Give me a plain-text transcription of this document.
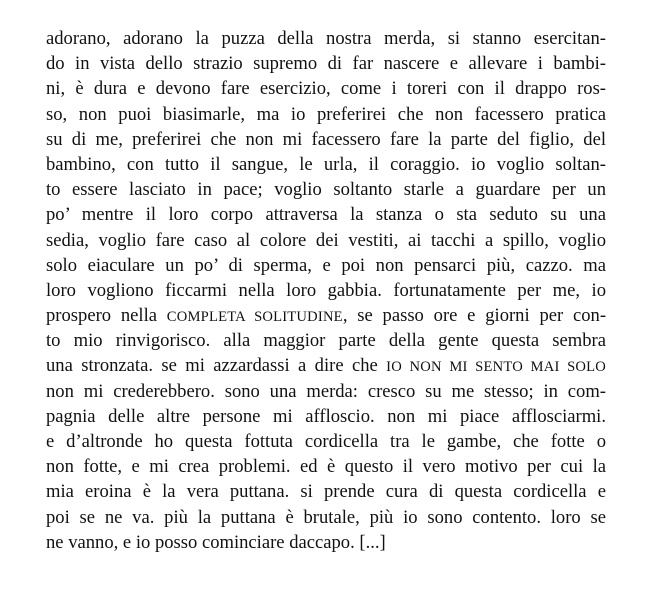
adorano, adorano la puzza della nostra merda, si stanno esercitan-
do in vista dello strazio supremo di far nascere e allevare i bambi-
ni, è dura e devono fare esercizio, come i toreri con il drappo ros-
so, non puoi biasimarle, ma io preferirei che non facessero pratica
su di me, preferirei che non mi facessero fare la parte del figlio, del
bambino, con tutto il sangue, le urla, il coraggio. io voglio soltan-
to essere lasciato in pace; voglio soltanto starle a guardare per un
po’ mentre il loro corpo attraversa la stanza o sta seduto su una
sedia, voglio fare caso al colore dei vestiti, ai tacchi a spillo, voglio
solo eiaculare un po’ di sperma, e poi non pensarci più, cazzo. ma
loro vogliono ficcarmi nella loro gabbia. fortunatamente per me, io
prospero nella COMPLETA SOLITUDINE, se passo ore e giorni per con-
to mio rinvigorisco. alla maggior parte della gente questa sembra
una stronzata. se mi azzardassi a dire che IO NON MI SENTO MAI SOLO
non mi crederebbero. sono una merda: cresco su me stesso; in com-
pagnia delle altre persone mi affloscio. non mi piace afflosciarmi.
e d’altronde ho questa fottuta cordicella tra le gambe, che fotte o
non fotte, e mi crea problemi. ed è questo il vero motivo per cui la
mia eroina è la vera puttana. si prende cura di questa cordicella e
poi se ne va. più la puttana è brutale, più io sono contento. loro se
ne vanno, e io posso cominciare daccapo. [...]
